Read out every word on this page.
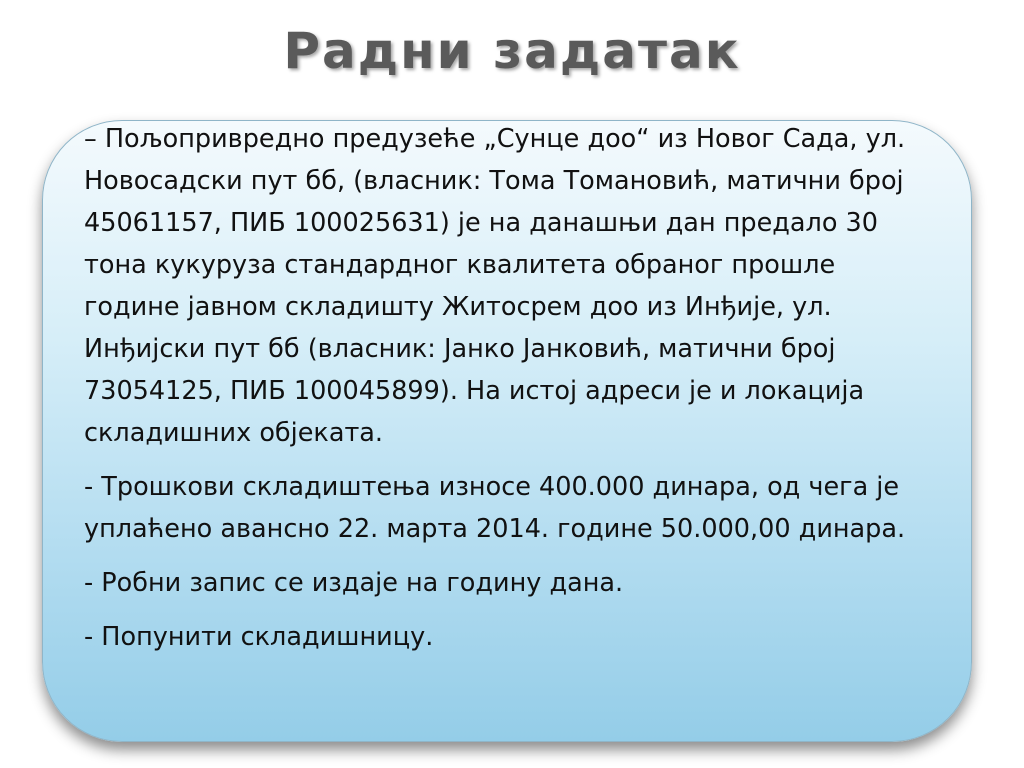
Радни задатак

– Пољопривредно предузеће „Сунце доо“ из Новог Сада, ул. Новосадски пут бб, (власник: Тома Томановић, матични број 45061157, ПИБ 100025631) је на данашњи дан предало 30 тона кукуруза стандардног квалитета обраног прошле године јавном складишту Житосрем доо из Инђије, ул. Инђијски пут бб (власник: Јанко Јанковић, матични број 73054125, ПИБ 100045899). На истој адреси је и локација складишних објеката.

- Трошкови складиштења износе 400.000 динара, од чега је уплаћено авансно 22. марта 2014. године 50.000,00 динара.

- Робни запис се издаје на годину дана.

- Попунити складишницу.
